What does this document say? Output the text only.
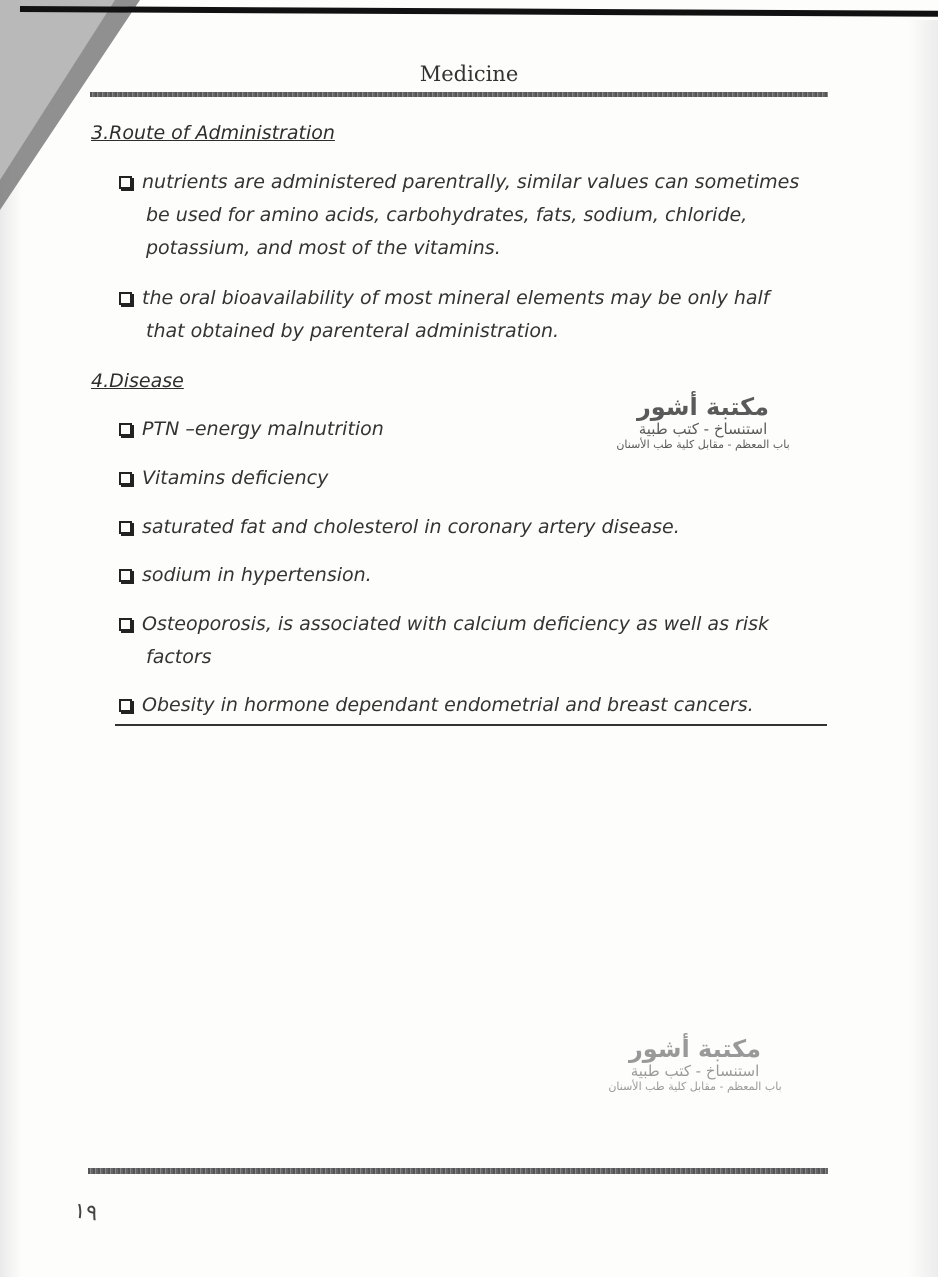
Medicine
3.Route of Administration
nutrients are administered parentrally, similar values can sometimes
be used for amino acids, carbohydrates, fats, sodium, chloride,
potassium, and most of the vitamins.
the oral bioavailability of most mineral elements may be only half
that obtained by parenteral administration.
4.Disease
PTN –energy malnutrition
Vitamins deficiency
saturated fat and cholesterol in coronary artery disease.
sodium in hypertension.
Osteoporosis, is associated with calcium deficiency as well as risk
factors
Obesity in hormone dependant endometrial and breast cancers.
مكتبة أشور
استنساخ - كتب طبية
باب المعظم - مقابل كلية طب الأسنان
مكتبة أشور
استنساخ - كتب طبية
باب المعظم - مقابل كلية طب الأسنان
١٩
